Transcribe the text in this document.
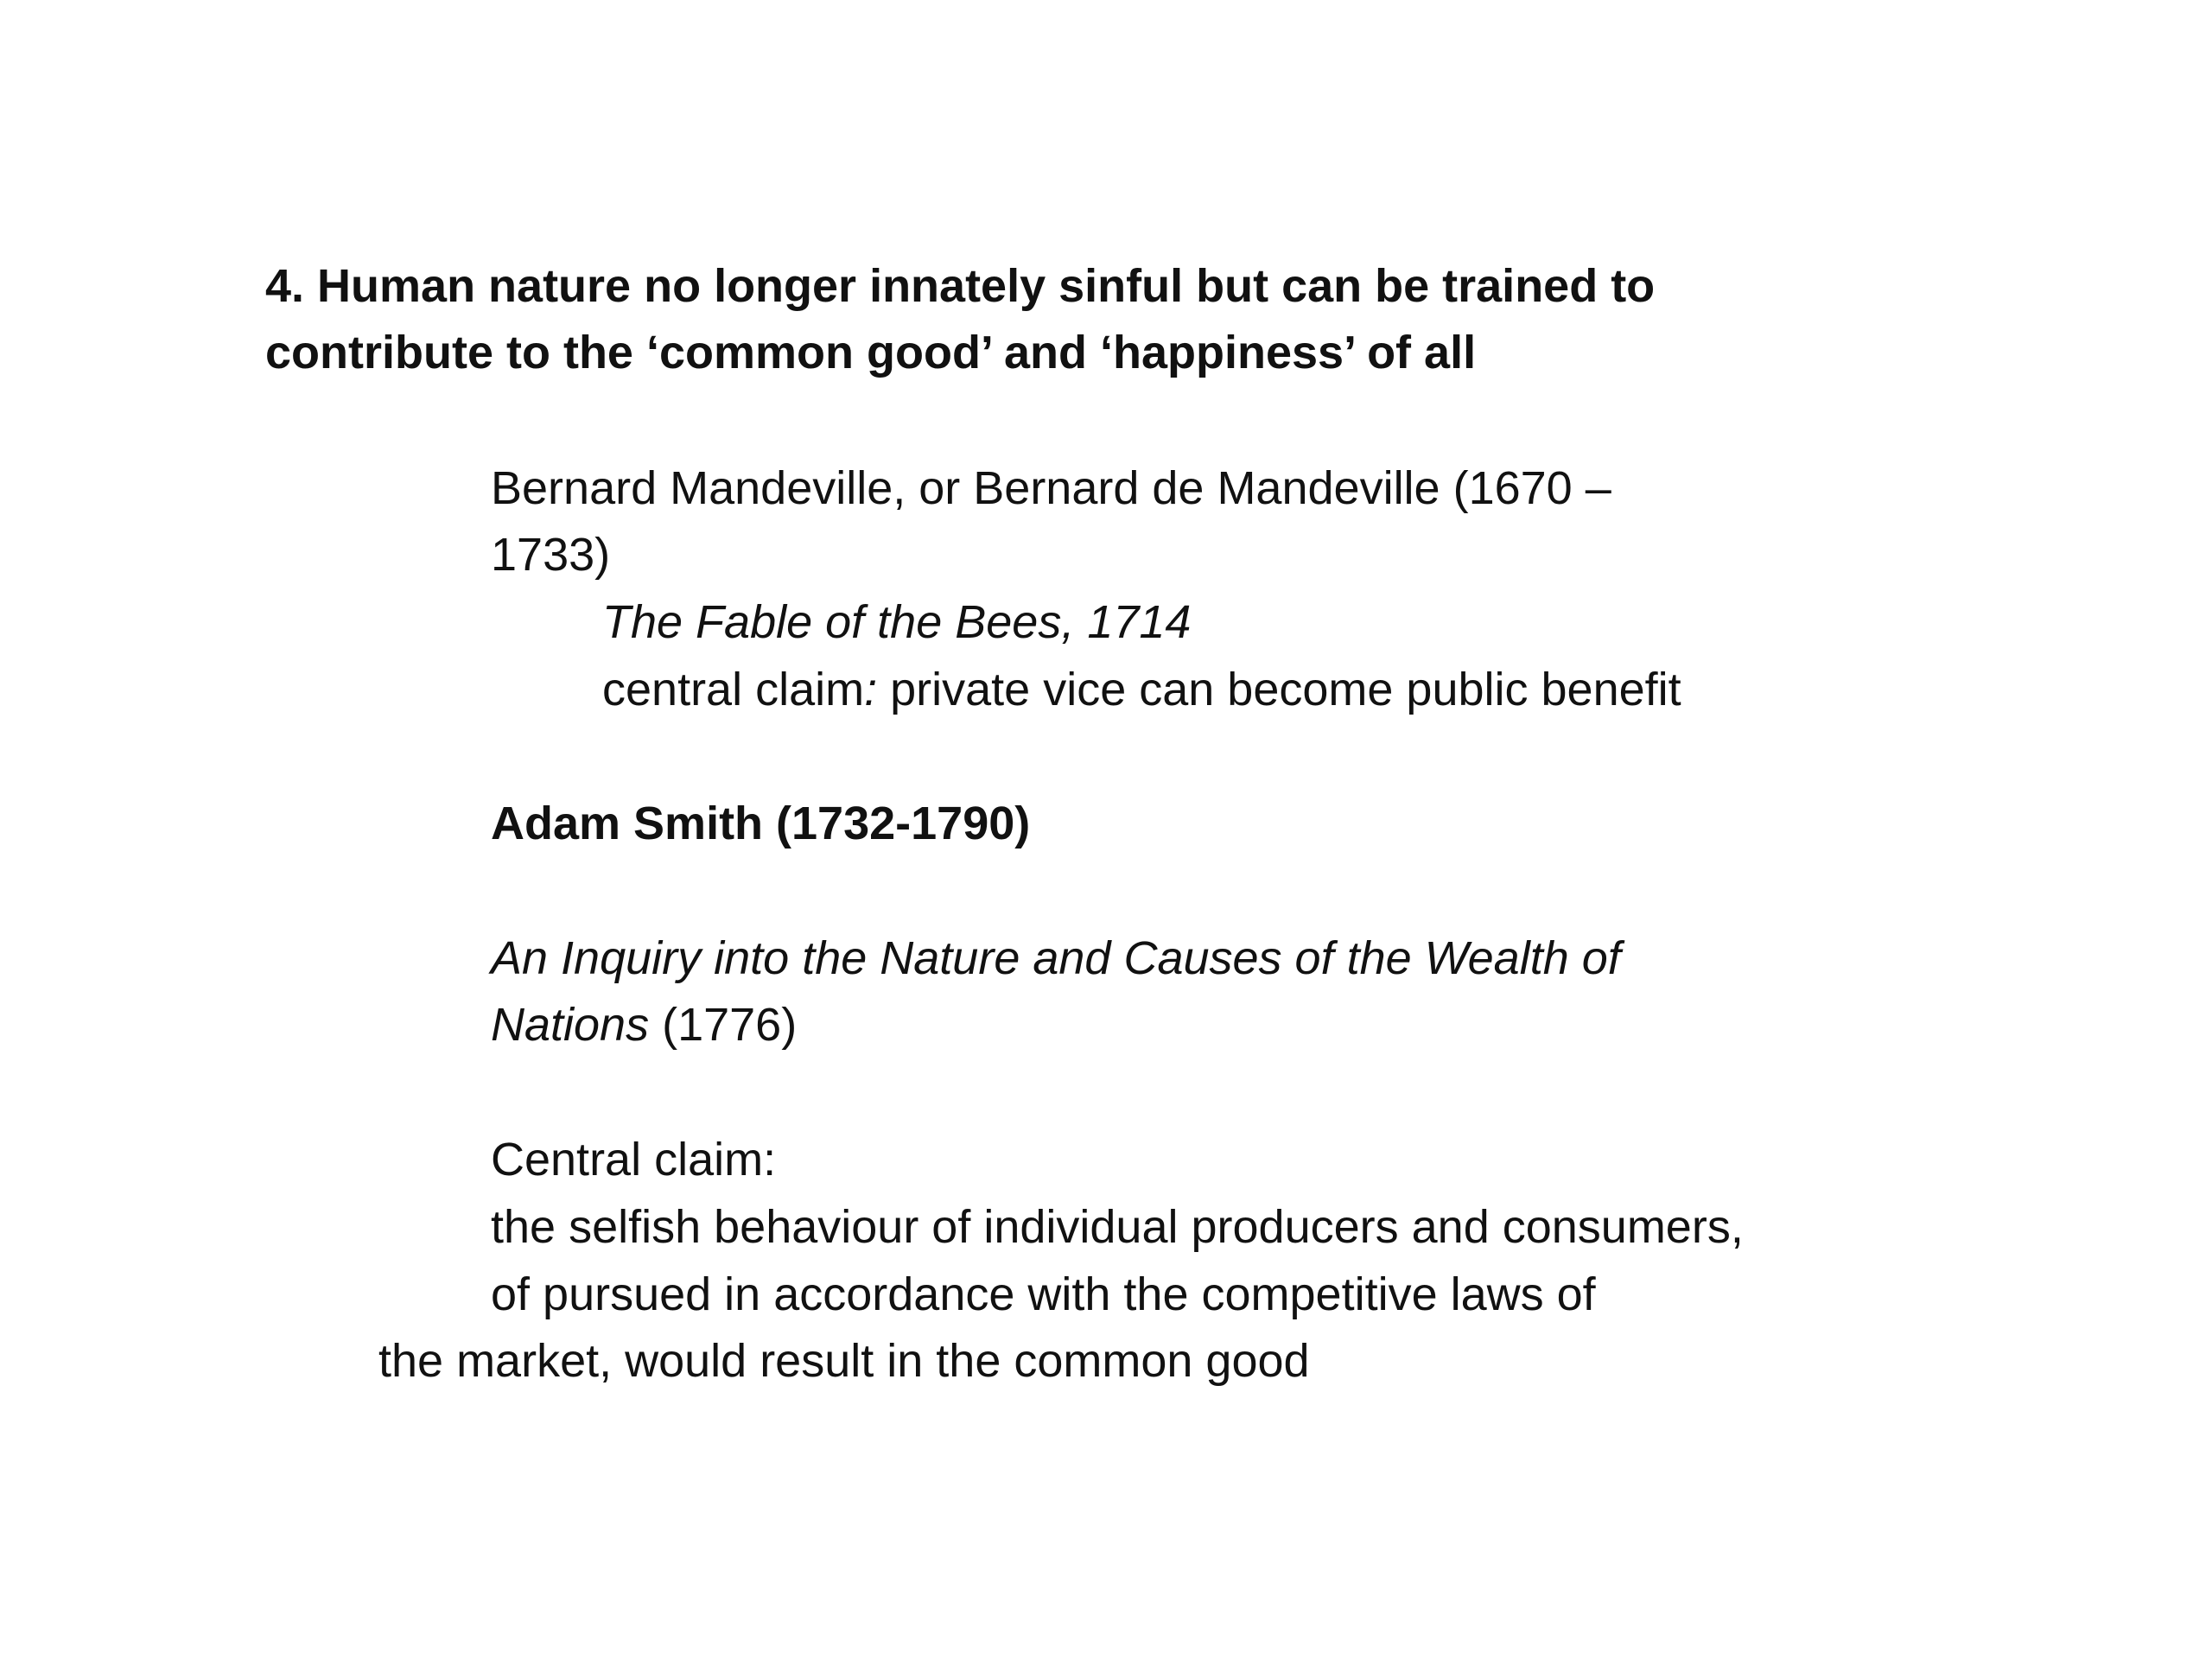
4. Human nature no longer innately sinful but can be trained to
contribute to the ‘common good’ and ‘happiness’ of all
Bernard Mandeville, or Bernard de Mandeville (1670 –
1733)
The Fable of the Bees, 1714
central claim: private vice can become public benefit
Adam Smith (1732-1790)
An Inquiry into the Nature and Causes of the Wealth of
Nations (1776)
Central claim:
the selfish behaviour of individual producers and consumers,
of pursued in accordance with the competitive laws of
the market, would result in the common good
